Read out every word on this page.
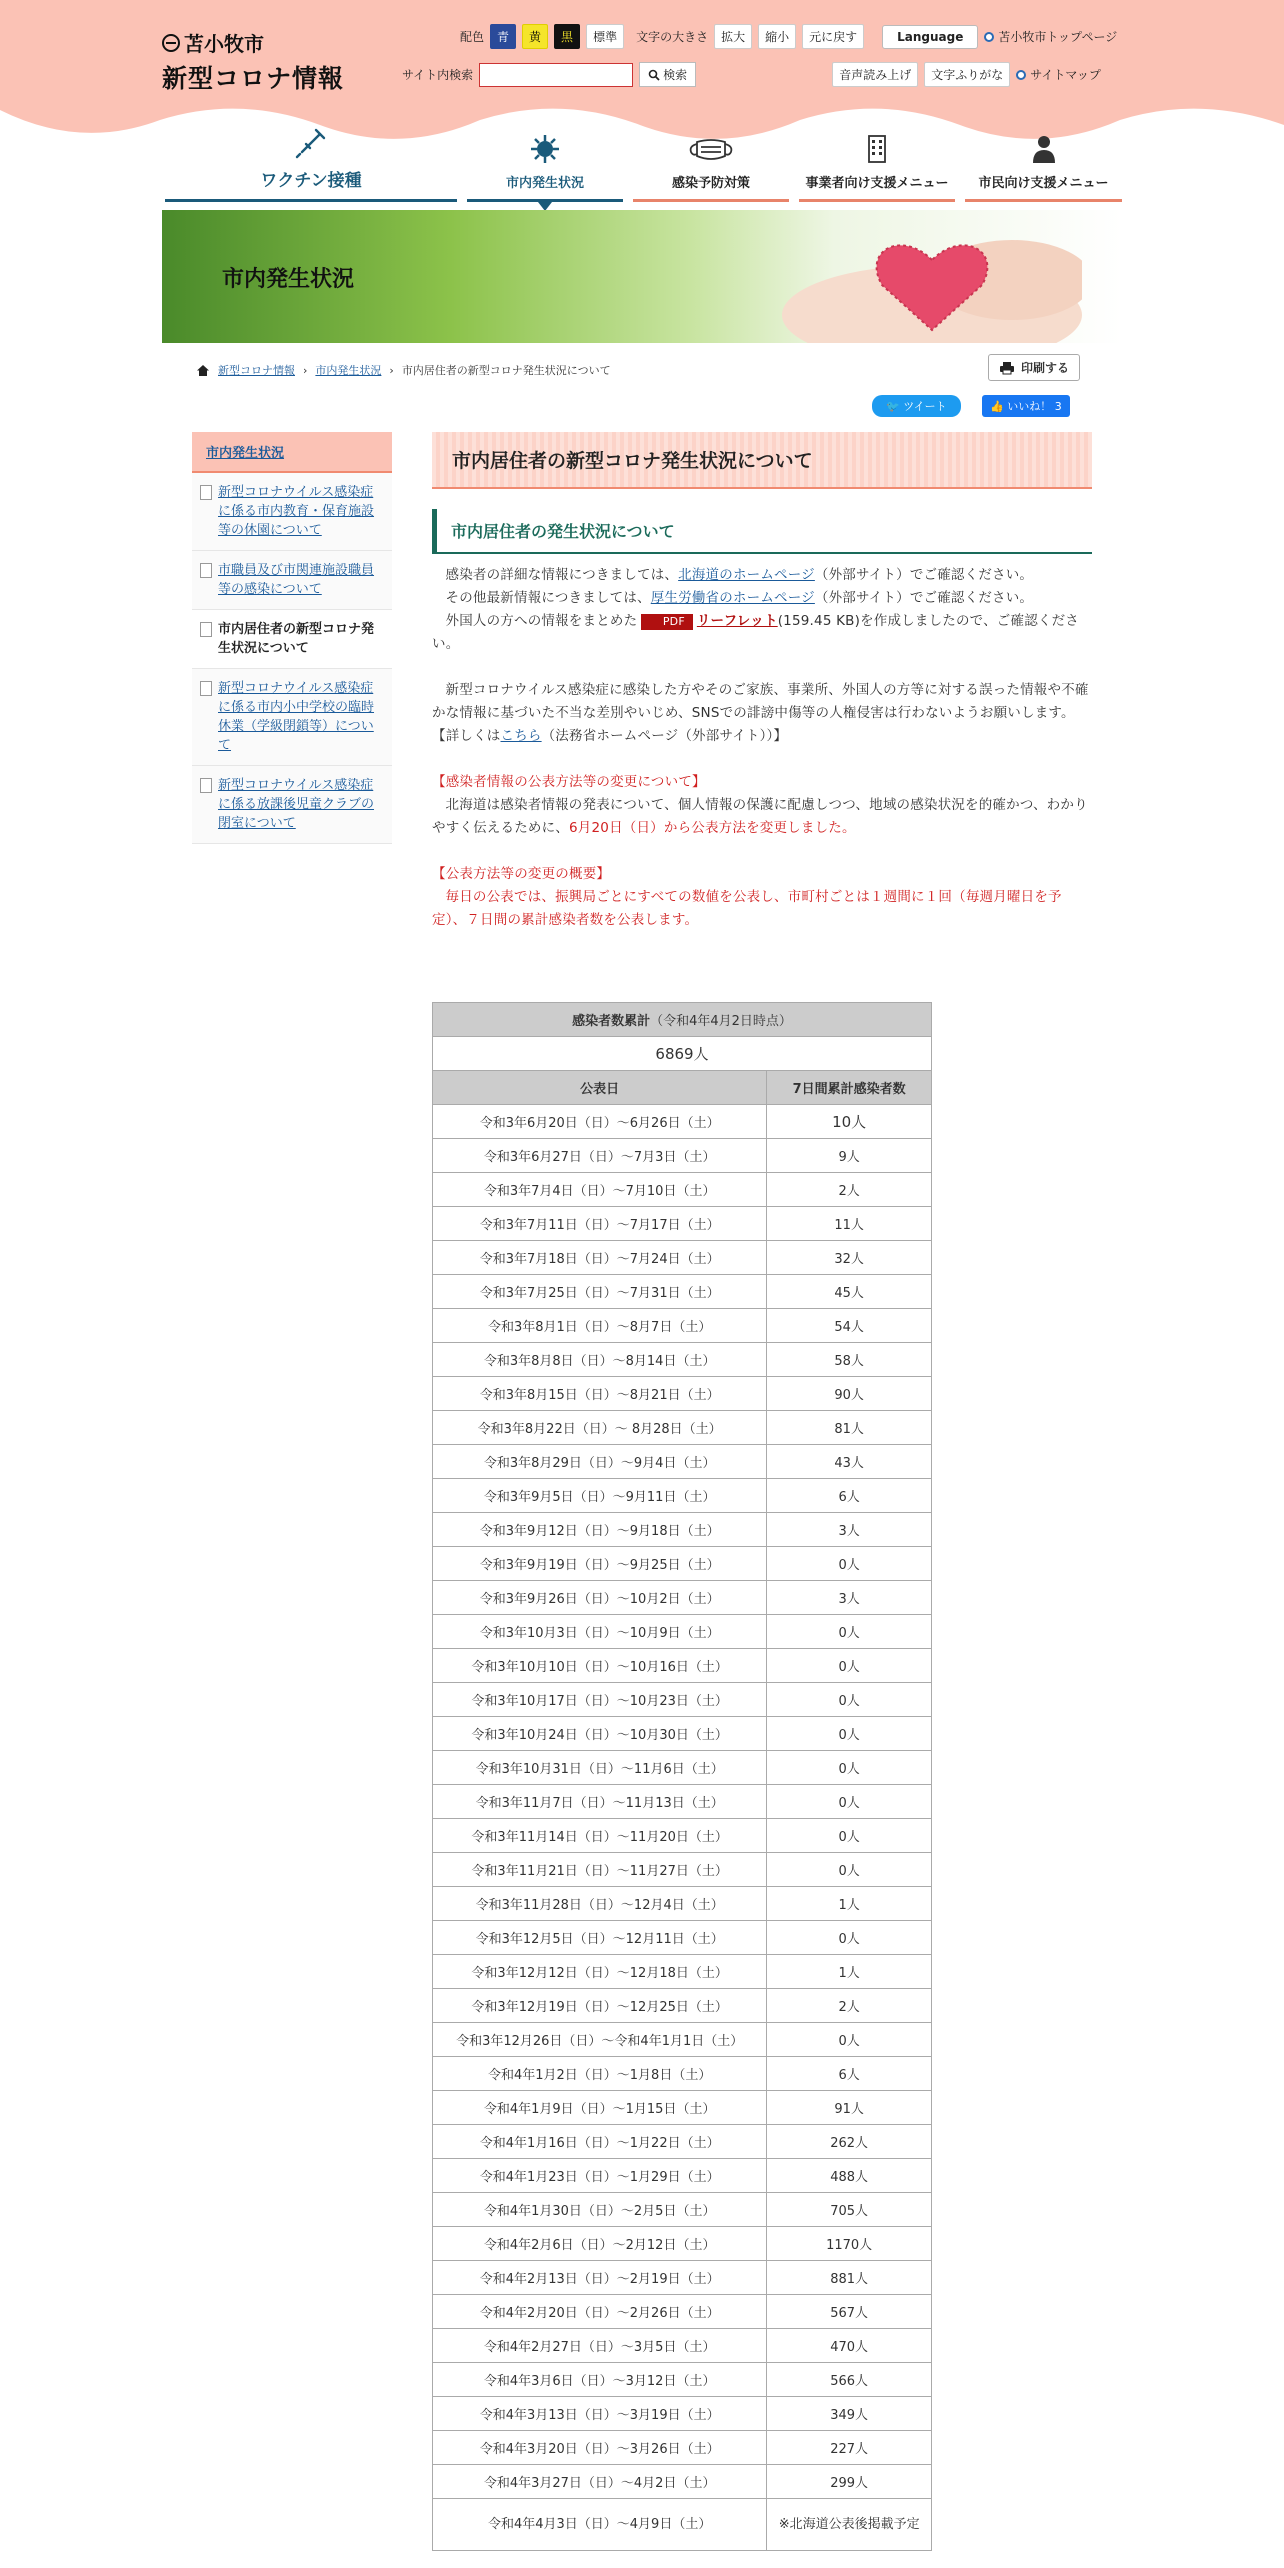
苫小牧市
新型コロナ情報
配色	青	黄	黒	標準	文字の大きさ	拡大	縮小	元に戻す	Language	苫小牧市トップページ
サイト内検索	検索	音声読み上げ	文字ふりがな	サイトマップ
ワクチン接種	市内発生状況	感染予防対策	事業者向け支援メニュー 市民向け支援メニュー
市内発生状況
新型コロナ情報 › 市内発生状況 › 市内居住者の新型コロナ発生状況について	印刷する
🐦 ツイート	👍 いいね！ 3
市内発生状況
新型コロナウイルス感染症に係る市内教育・保育施設等の休園について
市職員及び市関連施設職員等の感染について
市内居住者の新型コロナ発生状況について
新型コロナウイルス感染症に係る市内小中学校の臨時休業（学級閉鎖等）について
新型コロナウイルス感染症に係る放課後児童クラブの閉室について
市内居住者の新型コロナ発生状況について
市内居住者の発生状況について

感染者の詳細な情報につきましては、北海道のホームページ（外部サイト）でご確認ください。

その他最新情報につきましては、厚生労働省のホームページ（外部サイト）でご確認ください。

外国人の方への情報をまとめた PDF リーフレット(159.45 KB)を作成しましたので、ご確認ください。

新型コロナウイルス感染症に感染した方やそのご家族、事業所、外国人の方等に対する誤った情報や不確かな情報に基づいた不当な差別やいじめ、SNSでの誹謗中傷等の人権侵害は行わないようお願いします。

【詳しくはこちら（法務省ホームページ（外部サイト））】
【感染者情報の公表方法等の変更について】

北海道は感染者情報の発表について、個人情報の保護に配慮しつつ、地域の感染状況を的確かつ、わかりやすく伝えるために、6月20日（日）から公表方法を変更しました。

【公表方法等の変更の概要】

毎日の公表では、振興局ごとにすべての数値を公表し、市町村ごとは１週間に１回（毎週月曜日を予定）、７日間の累計感染者数を公表します。

感染者数累計（令和4年4月2日時点）	
6869人	
公表日	7日間累計感染者数
令和3年6月20日（日）～6月26日（土）	10人
令和3年6月27日（日）～7月3日（土）	9人
令和3年7月4日（日）～7月10日（土）	2人
令和3年7月11日（日）～7月17日（土）	11人
令和3年7月18日（日）～7月24日（土）	32人
令和3年7月25日（日）～7月31日（土）	45人
令和3年8月1日（日）～8月7日（土）	54人
令和3年8月8日（日）～8月14日（土）	58人
令和3年8月15日（日）～8月21日（土）	90人
令和3年8月22日（日）～ 8月28日（土）	81人
令和3年8月29日（日）～9月4日（土）	43人
令和3年9月5日（日）～9月11日（土）	6人
令和3年9月12日（日）～9月18日（土）	3人
令和3年9月19日（日）～9月25日（土）	0人
令和3年9月26日（日）～10月2日（土）	3人
令和3年10月3日（日）～10月9日（土）	0人
令和3年10月10日（日）～10月16日（土）	0人
令和3年10月17日（日）～10月23日（土）	0人
令和3年10月24日（日）～10月30日（土）	0人
令和3年10月31日（日）～11月6日（土）	0人
令和3年11月7日（日）～11月13日（土）	0人
令和3年11月14日（日）～11月20日（土）	0人
令和3年11月21日（日）～11月27日（土）	0人
令和3年11月28日（日）～12月4日（土）	1人
令和3年12月5日（日）～12月11日（土）	0人
令和3年12月12日（日）～12月18日（土）	1人
令和3年12月19日（日）～12月25日（土）	2人
令和3年12月26日（日）～令和4年1月1日（土）	0人
令和4年1月2日（日）～1月8日（土）	6人
令和4年1月9日（日）～1月15日（土）	91人
令和4年1月16日（日）～1月22日（土）	262人
令和4年1月23日（日）～1月29日（土）	488人
令和4年1月30日（日）～2月5日（土）	705人
令和4年2月6日（日）～2月12日（土）	1170人
令和4年2月13日（日）～2月19日（土）	881人
令和4年2月20日（日）～2月26日（土）	567人
令和4年2月27日（日）～3月5日（土）	470人
令和4年3月6日（日）～3月12日（土）	566人
令和4年3月13日（日）～3月19日（土）	349人
令和4年3月20日（日）～3月26日（土）	227人
令和4年3月27日（日）～4月2日（土）	299人
令和4年4月3日（日）～4月9日（土）	※北海道公表後掲載予定
